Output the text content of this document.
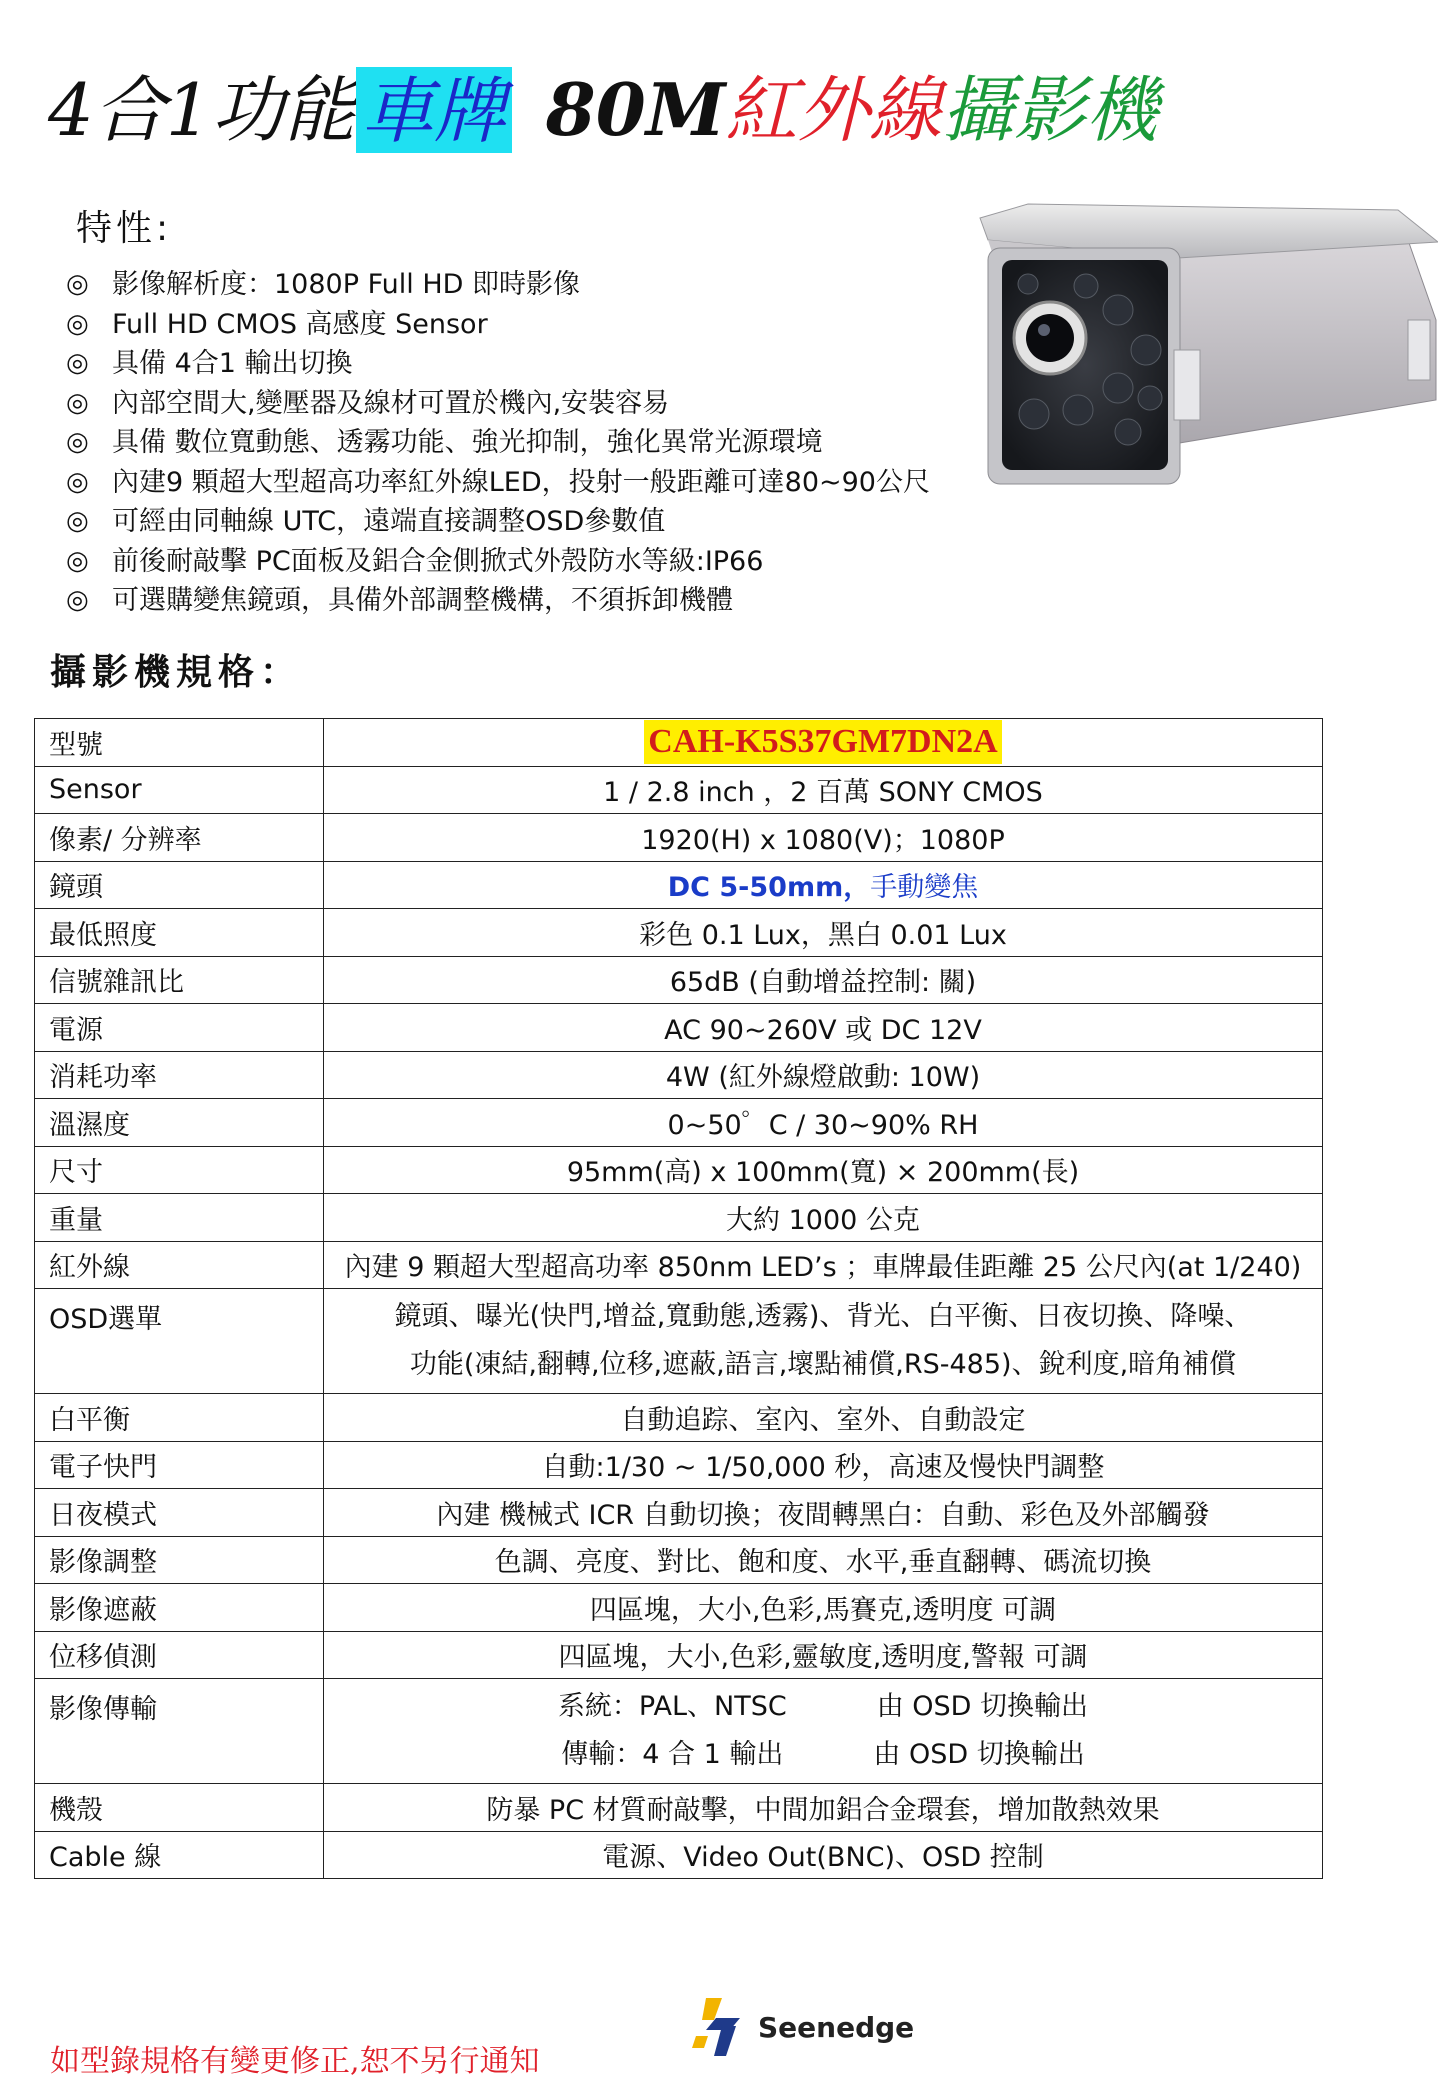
4合1功能 車牌 80M 紅外線 攝影機
特性:
◎ 影像解析度：1080P Full HD 即時影像
◎ Full HD CMOS 高感度 Sensor
◎ 具備 4合1 輸出切換
◎ 內部空間大,變壓器及線材可置於機內,安裝容易
◎ 具備 數位寬動態、透霧功能、強光抑制，強化異常光源環境
◎ 內建9 顆超大型超高功率紅外線LED，投射一般距離可達80~90公尺
◎ 可經由同軸線 UTC，遠端直接調整OSD參數值
◎ 前後耐敲擊 PC面板及鋁合金側掀式外殼防水等級:IP66
◎ 可選購變焦鏡頭，具備外部調整機構，不須拆卸機體
攝影機規格：
型號	CAH-K5S37GM7DN2A
Sensor	1 / 2.8 inch ，2 百萬 SONY CMOS
像素/ 分辨率	1920(H) x 1080(V)；1080P
鏡頭	DC 5-50mm，手動變焦
最低照度	彩色 0.1 Lux，黑白 0.01 Lux
信號雜訊比	65dB (自動增益控制: 關)
電源	AC 90~260V 或 DC 12V
消耗功率	4W (紅外線燈啟動: 10W)
溫濕度	0~50゜C / 30~90% RH
尺寸	95mm(高) x 100mm(寬) × 200mm(長)
重量	大約 1000 公克
紅外線	內建 9 顆超大型超高功率 850nm LED’s ；車牌最佳距離 25 公尺內(at 1/240)
OSD選單	鏡頭、曝光(快門,增益,寬動態,透霧)、背光、白平衡、日夜切換、降噪、
功能(凍結,翻轉,位移,遮蔽,語言,壞點補償,RS-485)、銳利度,暗角補償

白平衡	自動追踪、室內、室外、自動設定
電子快門	自動:1/30 ~ 1/50,000 秒，高速及慢快門調整
日夜模式	內建 機械式 ICR 自動切換；夜間轉黑白：自動、彩色及外部觸發
影像調整	色調、亮度、對比、飽和度、水平,垂直翻轉、碼流切換
影像遮蔽	四區塊，大小,色彩,馬賽克,透明度 可調
位移偵測	四區塊，大小,色彩,靈敏度,透明度,警報 可調
影像傳輸	系統：PAL、NTSC 由 OSD 切換輸出
傳輸：4 合 1 輸出 由 OSD 切換輸出

機殼	防暴 PC 材質耐敲擊，中間加鋁合金環套，增加散熱效果
Cable 線	電源、Video Out(BNC)、OSD 控制
Seenedge
如型錄規格有變更修正,恕不另行通知
